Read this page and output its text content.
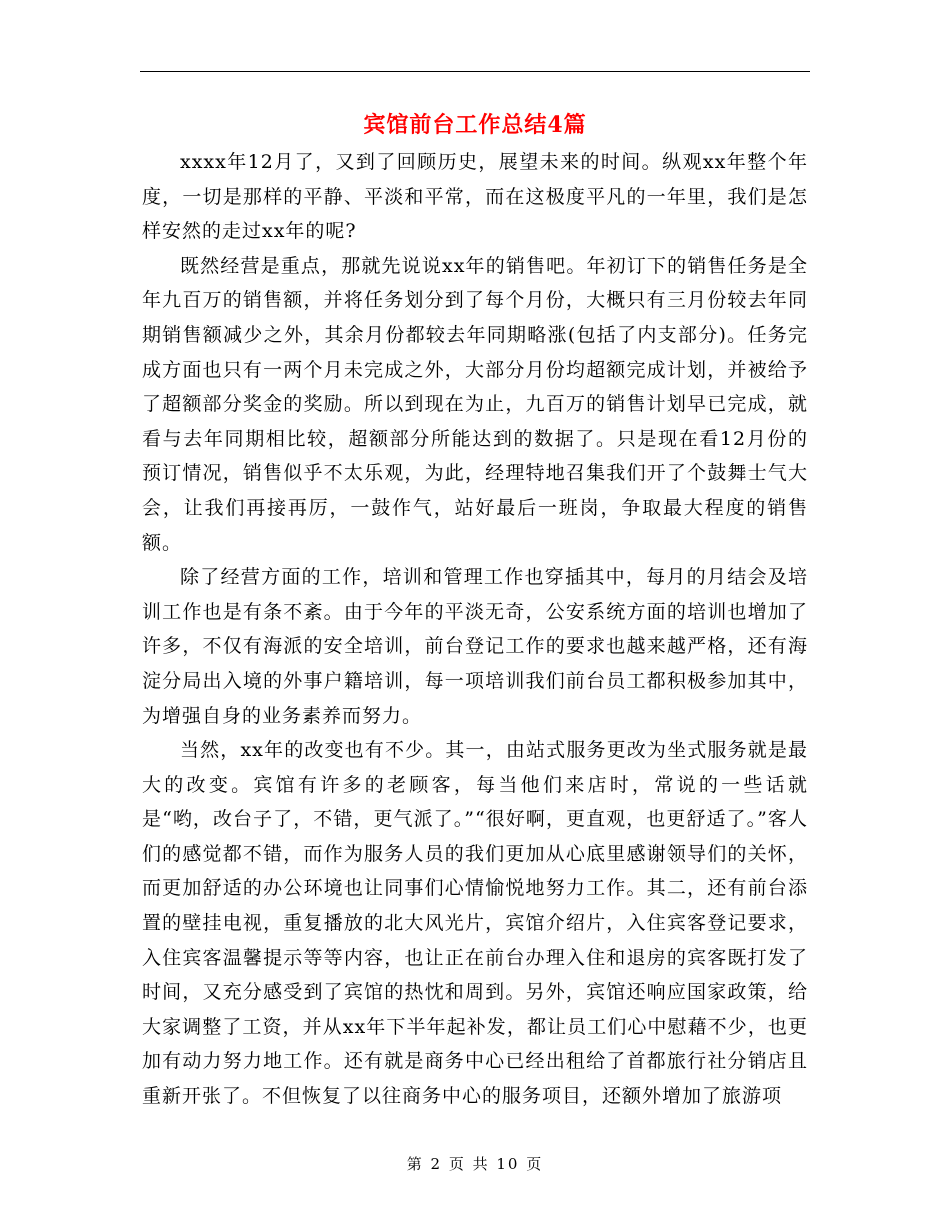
宾馆前台工作总结4篇

xxxx年12月了，又到了回顾历史，展望未来的时间。纵观xx年整个年度，一切是那样的平静、平淡和平常，而在这极度平凡的一年里，我们是怎样安然的走过xx年的呢?

既然经营是重点，那就先说说xx年的销售吧。年初订下的销售任务是全年九百万的销售额，并将任务划分到了每个月份，大概只有三月份较去年同期销售额减少之外，其余月份都较去年同期略涨(包括了内支部分)。任务完成方面也只有一两个月未完成之外，大部分月份均超额完成计划，并被给予了超额部分奖金的奖励。所以到现在为止，九百万的销售计划早已完成，就看与去年同期相比较，超额部分所能达到的数据了。只是现在看12月份的预订情况，销售似乎不太乐观，为此，经理特地召集我们开了个鼓舞士气大会，让我们再接再厉，一鼓作气，站好最后一班岗，争取最大程度的销售额。

除了经营方面的工作，培训和管理工作也穿插其中，每月的月结会及培训工作也是有条不紊。由于今年的平淡无奇，公安系统方面的培训也增加了许多，不仅有海派的安全培训，前台登记工作的要求也越来越严格，还有海淀分局出入境的外事户籍培训，每一项培训我们前台员工都积极参加其中，为增强自身的业务素养而努力。

当然，xx年的改变也有不少。其一，由站式服务更改为坐式服务就是最大的改变。宾馆有许多的老顾客，每当他们来店时，常说的一些话就是“哟，改台子了，不错，更气派了。”“很好啊，更直观，也更舒适了。”客人们的感觉都不错，而作为服务人员的我们更加从心底里感谢领导们的关怀，而更加舒适的办公环境也让同事们心情愉悦地努力工作。其二，还有前台添置的壁挂电视，重复播放的北大风光片，宾馆介绍片，入住宾客登记要求，入住宾客温馨提示等等内容，也让正在前台办理入住和退房的宾客既打发了时间，又充分感受到了宾馆的热忱和周到。另外，宾馆还响应国家政策，给大家调整了工资，并从xx年下半年起补发，都让员工们心中慰藉不少，也更加有动力努力地工作。还有就是商务中心已经出租给了首都旅行社分销店且重新开张了。不但恢复了以往商务中心的服务项目，还额外增加了旅游项

第 2 页 共 10 页
